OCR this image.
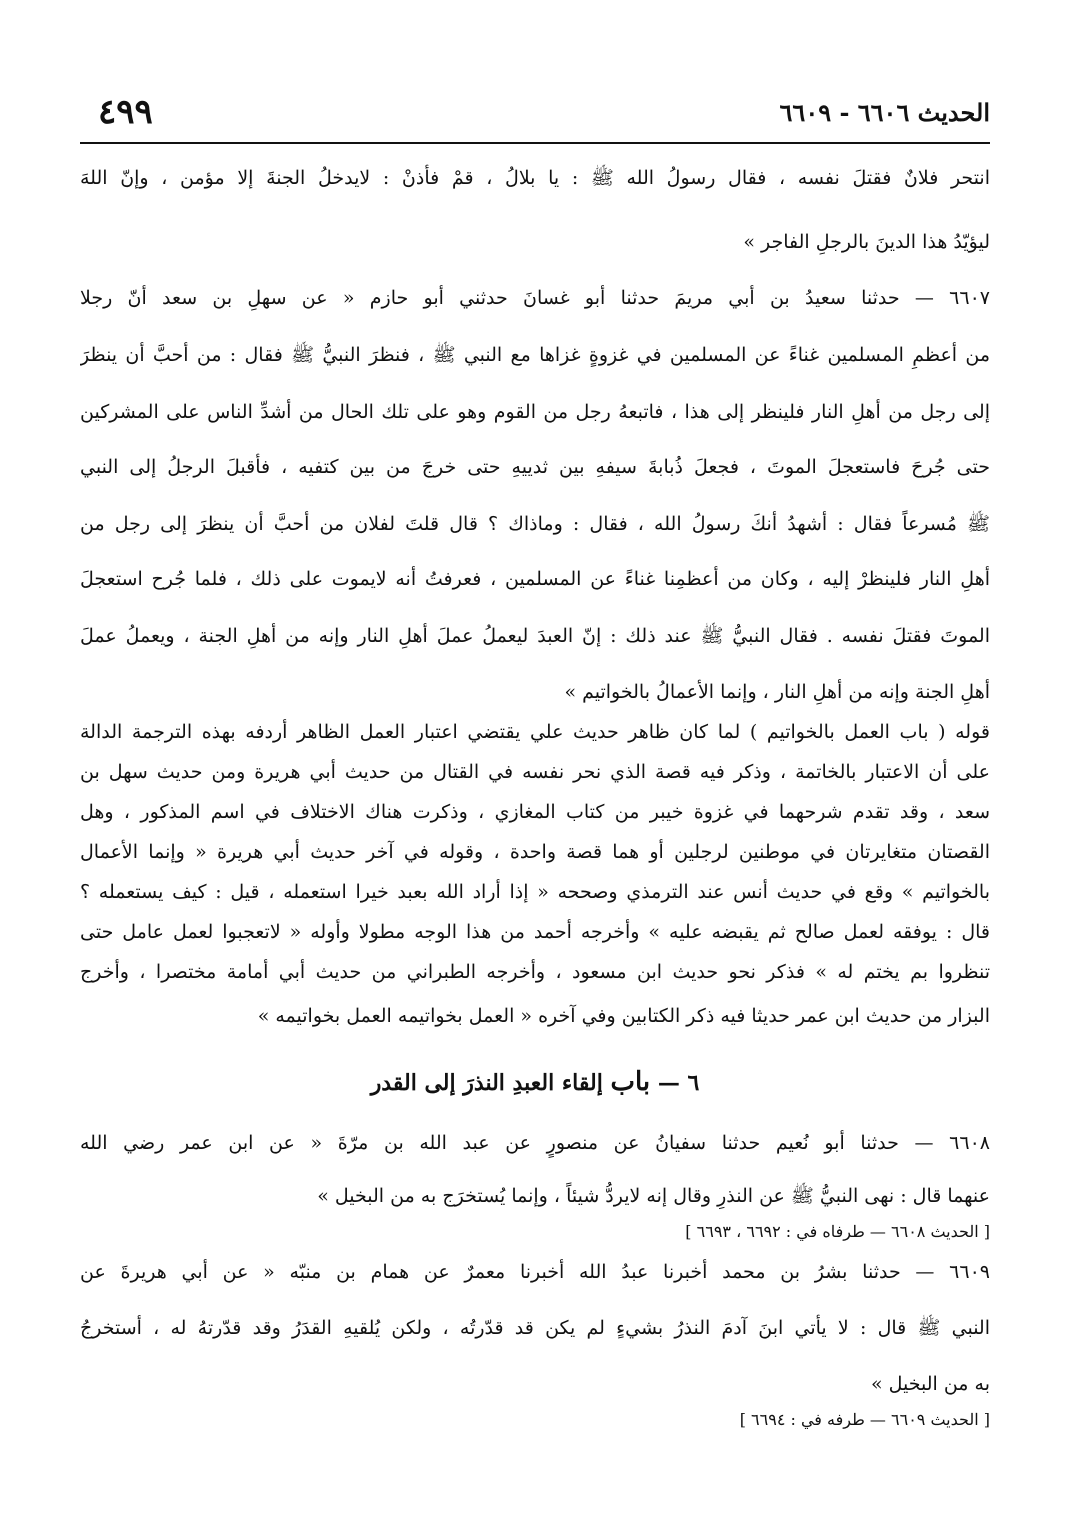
الحديث ٦٦٠٦ - ٦٦٠٩
٤٩٩
انتحر فلانٌ فقتلَ نفسه ، فقال رسولُ الله ﷺ : يا بلالُ ، قمْ فأذنْ : لايدخلُ الجنةَ إلا مؤمن ، وإنّ اللهَ
ليؤيّدُ هذا الدينَ بالرجلِ الفاجر »
٦٦٠٧ — حدثنا سعيدُ بن أبي مريمَ حدثنا أبو غسانَ حدثني أبو حازم « عن سهلِ بن سعد أنّ رجلا
من أعظمِ المسلمين غناءً عن المسلمين في غزوةٍ غزاها مع النبي ﷺ ، فنظرَ النبيُّ ﷺ فقال : من أحبَّ أن ينظرَ
إلى رجل من أهلِ النار فلينظر إلى هذا ، فاتبعهُ رجل من القوم وهو على تلك الحال من أشدِّ الناس على المشركين
حتى جُرحَ فاستعجلَ الموتَ ، فجعلَ ذُبابةَ سيفهِ بين ثدييهِ حتى خرجَ من بين كتفيه ، فأقبلَ الرجلُ إلى النبي
ﷺ مُسرعاً فقال : أشهدُ أنكَ رسولُ الله ، فقال : وماذاك ؟ قال قلتَ لفلان من أحبَّ أن ينظرَ إلى رجل من
أهلِ النار فلينظرْ إليه ، وكان من أعظمِنا غناءً عن المسلمين ، فعرفتُ أنه لايموت على ذلك ، فلما جُرح استعجلَ
الموتَ فقتلَ نفسه . فقال النبيُّ ﷺ عند ذلك : إنّ العبدَ ليعملُ عملَ أهلِ النار وإنه من أهلِ الجنة ، ويعملُ عملَ
أهلِ الجنة وإنه من أهلِ النار ، وإنما الأعمالُ بالخواتيم »
قوله ( باب العمل بالخواتيم ) لما كان ظاهر حديث علي يقتضي اعتبار العمل الظاهر أردفه بهذه الترجمة الدالة
على أن الاعتبار بالخاتمة ، وذكر فيه قصة الذي نحر نفسه في القتال من حديث أبي هريرة ومن حديث سهل بن
سعد ، وقد تقدم شرحهما في غزوة خيبر من كتاب المغازي ، وذكرت هناك الاختلاف في اسم المذكور ، وهل
القصتان متغايرتان في موطنين لرجلين أو هما قصة واحدة ، وقوله في آخر حديث أبي هريرة « وإنما الأعمال
بالخواتيم » وقع في حديث أنس عند الترمذي وصححه « إذا أراد الله بعبد خيرا استعمله ، قيل : كيف يستعمله ؟
قال : يوفقه لعمل صالح ثم يقبضه عليه » وأخرجه أحمد من هذا الوجه مطولا وأوله « لاتعجبوا لعمل عامل حتى
تنظروا بم يختم له » فذكر نحو حديث ابن مسعود ، وأخرجه الطبراني من حديث أبي أمامة مختصرا ، وأخرج
البزار من حديث ابن عمر حديثا فيه ذكر الكتابين وفي آخره « العمل بخواتيمه العمل بخواتيمه »
٦ — باب إلقاء العبدِ النذرَ إلى القدر
٦٦٠٨ — حدثنا أبو نُعيم حدثنا سفيانُ عن منصورٍ عن عبد الله بن مرّةَ « عن ابن عمر رضي الله
عنهما قال : نهى النبيُّ ﷺ عن النذرِ وقال إنه لايردُّ شيئاً ، وإنما يُستخرَج به من البخيل »
[ الحديث ٦٦٠٨ — طرفاه في : ٦٦٩٢ ، ٦٦٩٣ ]
٦٦٠٩ — حدثنا بشرُ بن محمد أخبرنا عبدُ الله أخبرنا معمرٌ عن همام بن منبّه « عن أبي هريرةَ عن
النبي ﷺ قال : لا يأتي ابنَ آدمَ النذرُ بشيءٍ لم يكن قد قدّرتُه ، ولكن يُلقيهِ القدَرُ وقد قدّرتهُ له ، أستخرجُ
به من البخيل »
[ الحديث ٦٦٠٩ — طرفه في : ٦٦٩٤ ]
